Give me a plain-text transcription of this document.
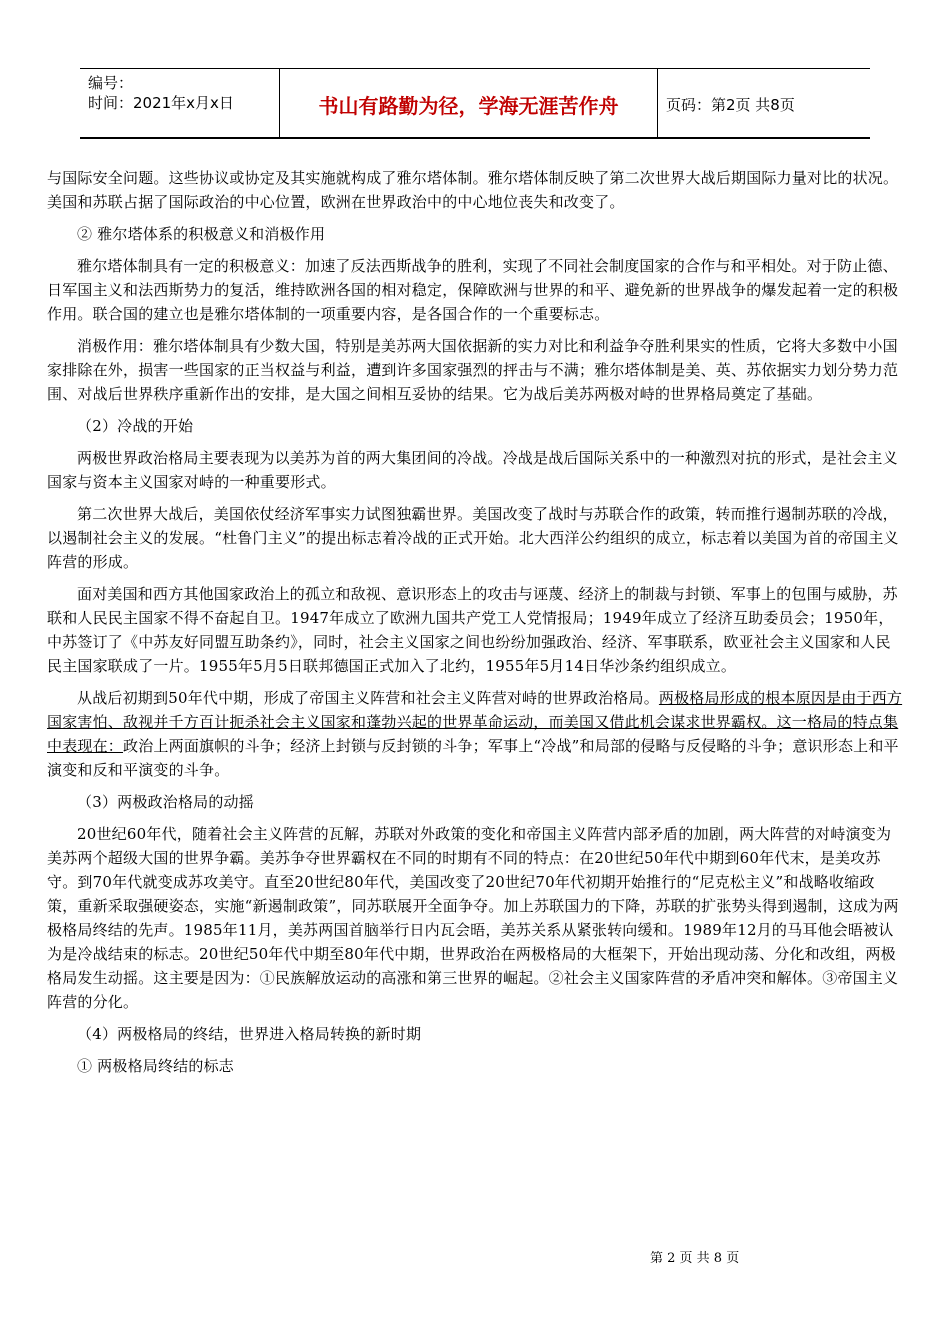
编号：
时间：2021年x月x日	书山有路勤为径，学海无涯苦作舟	页码：第2页 共8页

与国际安全问题。这些协议或协定及其实施就构成了雅尔塔体制。雅尔塔体制反映了第二次世界大战后期国际力量对比的状况。美国和苏联占据了国际政治的中心位置，欧洲在世界政治中的中心地位丧失和改变了。

② 雅尔塔体系的积极意义和消极作用

雅尔塔体制具有一定的积极意义：加速了反法西斯战争的胜利，实现了不同社会制度国家的合作与和平相处。对于防止德、日军国主义和法西斯势力的复活，维持欧洲各国的相对稳定，保障欧洲与世界的和平、避免新的世界战争的爆发起着一定的积极作用。联合国的建立也是雅尔塔体制的一项重要内容，是各国合作的一个重要标志。

消极作用：雅尔塔体制具有少数大国，特别是美苏两大国依据新的实力对比和利益争夺胜利果实的性质，它将大多数中小国家排除在外，损害一些国家的正当权益与利益，遭到许多国家强烈的抨击与不满；雅尔塔体制是美、英、苏依据实力划分势力范围、对战后世界秩序重新作出的安排，是大国之间相互妥协的结果。它为战后美苏两极对峙的世界格局奠定了基础。

（2）冷战的开始

两极世界政治格局主要表现为以美苏为首的两大集团间的冷战。冷战是战后国际关系中的一种激烈对抗的形式，是社会主义国家与资本主义国家对峙的一种重要形式。

第二次世界大战后，美国依仗经济军事实力试图独霸世界。美国改变了战时与苏联合作的政策，转而推行遏制苏联的冷战，以遏制社会主义的发展。“杜鲁门主义”的提出标志着冷战的正式开始。北大西洋公约组织的成立，标志着以美国为首的帝国主义阵营的形成。

面对美国和西方其他国家政治上的孤立和敌视、意识形态上的攻击与诬蔑、经济上的制裁与封锁、军事上的包围与威胁，苏联和人民民主国家不得不奋起自卫。1947年成立了欧洲九国共产党工人党情报局；1949年成立了经济互助委员会；1950年，中苏签订了《中苏友好同盟互助条约》，同时，社会主义国家之间也纷纷加强政治、经济、军事联系，欧亚社会主义国家和人民民主国家联成了一片。1955年5月5日联邦德国正式加入了北约，1955年5月14日华沙条约组织成立。

从战后初期到50年代中期，形成了帝国主义阵营和社会主义阵营对峙的世界政治格局。两极格局形成的根本原因是由于西方国家害怕、敌视并千方百计扼杀社会主义国家和蓬勃兴起的世界革命运动，而美国又借此机会谋求世界霸权。这一格局的特点集中表现在：政治上两面旗帜的斗争；经济上封锁与反封锁的斗争；军事上“冷战”和局部的侵略与反侵略的斗争；意识形态上和平演变和反和平演变的斗争。

（3）两极政治格局的动摇

20世纪60年代，随着社会主义阵营的瓦解，苏联对外政策的变化和帝国主义阵营内部矛盾的加剧，两大阵营的对峙演变为美苏两个超级大国的世界争霸。美苏争夺世界霸权在不同的时期有不同的特点：在20世纪50年代中期到60年代末，是美攻苏守。到70年代就变成苏攻美守。直至20世纪80年代，美国改变了20世纪70年代初期开始推行的“尼克松主义”和战略收缩政策，重新采取强硬姿态，实施“新遏制政策”，同苏联展开全面争夺。加上苏联国力的下降，苏联的扩张势头得到遏制，这成为两极格局终结的先声。1985年11月，美苏两国首脑举行日内瓦会晤，美苏关系从紧张转向缓和。1989年12月的马耳他会晤被认为是冷战结束的标志。20世纪50年代中期至80年代中期，世界政治在两极格局的大框架下，开始出现动荡、分化和改组，两极格局发生动摇。这主要是因为：①民族解放运动的高涨和第三世界的崛起。②社会主义国家阵营的矛盾冲突和解体。③帝国主义阵营的分化。

（4）两极格局的终结，世界进入格局转换的新时期

① 两极格局终结的标志

第 2 页 共 8 页
